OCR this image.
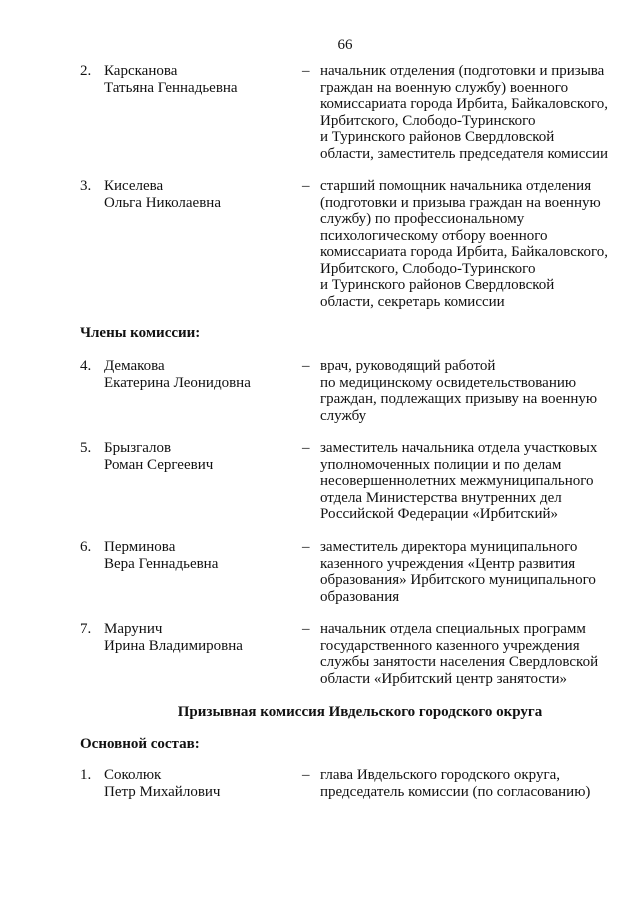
66
2. Карсканова
Татьяна Геннадьевна
– начальник отделения (подготовки и призыва
граждан на военную службу) военного
комиссариата города Ирбита, Байкаловского,
Ирбитского, Слободо-Туринского
и Туринского районов Свердловской
области, заместитель председателя комиссии
3. Киселева
Ольга Николаевна
– старший помощник начальника отделения
(подготовки и призыва граждан на военную
службу) по профессиональному
психологическому отбору военного
комиссариата города Ирбита, Байкаловского,
Ирбитского, Слободо-Туринского
и Туринского районов Свердловской
области, секретарь комиссии
Члены комиссии:
4. Демакова
Екатерина Леонидовна
– врач, руководящий работой
по медицинскому освидетельствованию
граждан, подлежащих призыву на военную
службу
5. Брызгалов
Роман Сергеевич
– заместитель начальника отдела участковых
уполномоченных полиции и по делам
несовершеннолетних межмуниципального
отдела Министерства внутренних дел
Российской Федерации «Ирбитский»
6. Перминова
Вера Геннадьевна
– заместитель директора муниципального
казенного учреждения «Центр развития
образования» Ирбитского муниципального
образования
7. Марунич
Ирина Владимировна
– начальник отдела специальных программ
государственного казенного учреждения
службы занятости населения Свердловской
области «Ирбитский центр занятости»
Призывная комиссия Ивдельского городского округа
Основной состав:
1. Соколюк
Петр Михайлович
– глава Ивдельского городского округа,
председатель комиссии (по согласованию)
